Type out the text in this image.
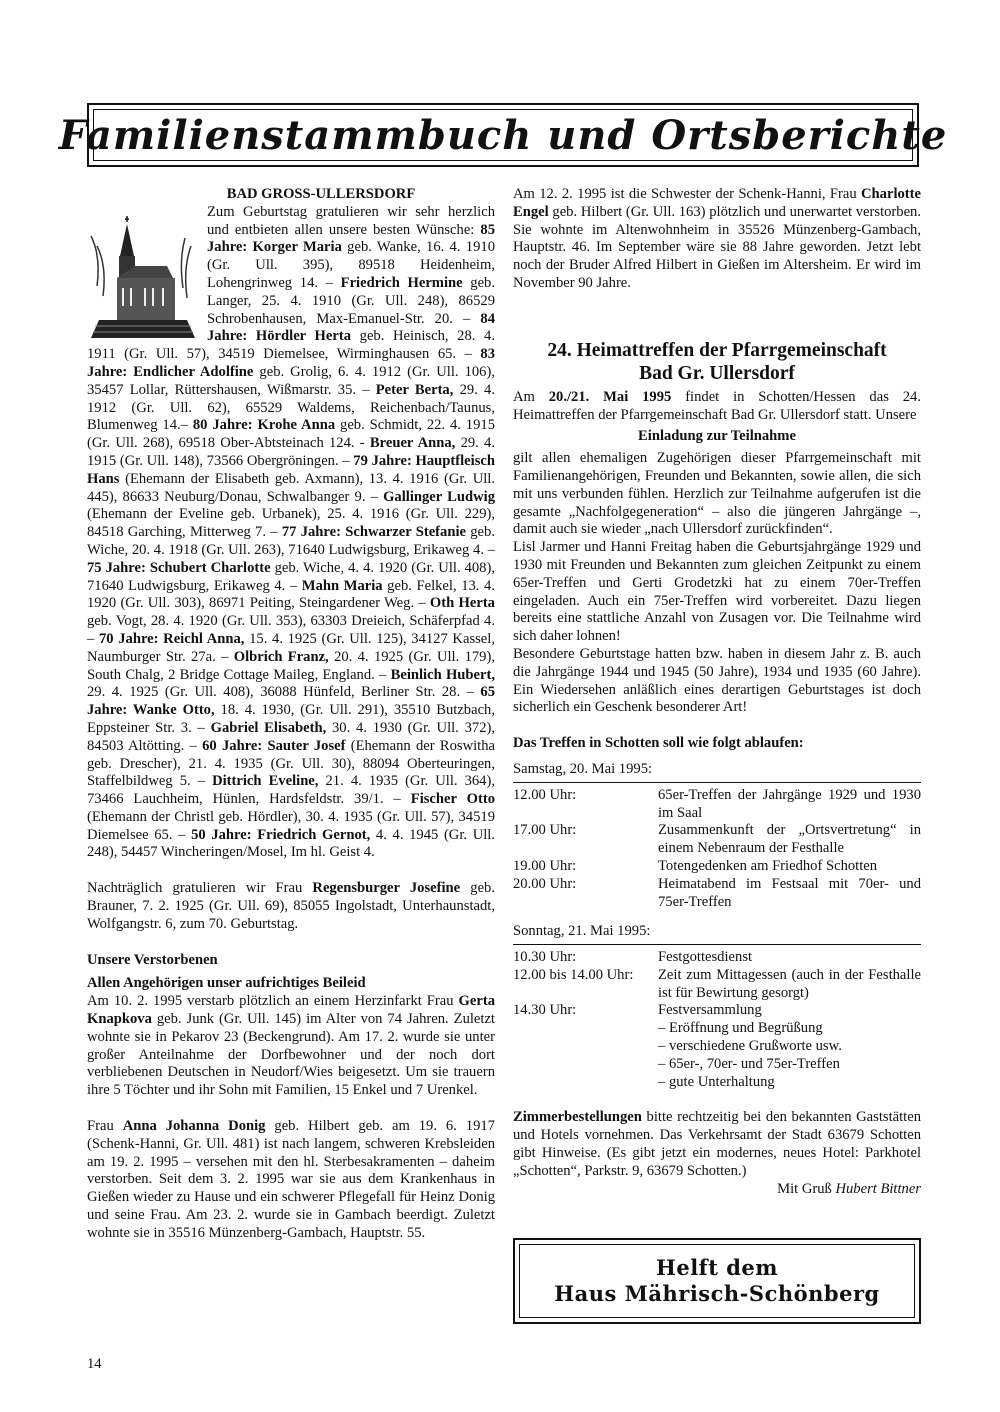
Familienstammbuch und Ortsberichte
BAD GROSS-ULLERSDORF

Zum Geburtstag gratulieren wir sehr herzlich und entbieten allen unsere besten Wünsche: 85 Jahre: Korger Maria geb. Wanke, 16. 4. 1910 (Gr. Ull. 395), 89518 Heidenheim, Lohengrinweg 14. – Friedrich Hermine geb. Langer, 25. 4. 1910 (Gr. Ull. 248), 86529 Schrobenhausen, Max-Emanuel-Str. 20. – 84 Jahre: Hördler Herta geb. Heinisch, 28. 4. 1911 (Gr. Ull. 57), 34519 Diemelsee, Wirminghausen 65. – 83 Jahre: Endlicher Adolfine geb. Grolig, 6. 4. 1912 (Gr. Ull. 106), 35457 Lollar, Rüttershausen, Wißmarstr. 35. – Peter Berta, 29. 4. 1912 (Gr. Ull. 62), 65529 Waldems, Reichenbach/Taunus, Blumenweg 14.– 80 Jahre: Krohe Anna geb. Schmidt, 22. 4. 1915 (Gr. Ull. 268), 69518 Ober-Abtsteinach 124. - Breuer Anna, 29. 4. 1915 (Gr. Ull. 148), 73566 Obergröningen. – 79 Jahre: Hauptfleisch Hans (Ehemann der Elisabeth geb. Axmann), 13. 4. 1916 (Gr. Ull. 445), 86633 Neuburg/Donau, Schwalbanger 9. – Gallinger Ludwig (Ehemann der Eveline geb. Urbanek), 25. 4. 1916 (Gr. Ull. 229), 84518 Garching, Mitterweg 7. – 77 Jahre: Schwarzer Stefanie geb. Wiche, 20. 4. 1918 (Gr. Ull. 263), 71640 Ludwigsburg, Erikaweg 4. – 75 Jahre: Schubert Charlotte geb. Wiche, 4. 4. 1920 (Gr. Ull. 408), 71640 Ludwigsburg, Erikaweg 4. – Mahn Maria geb. Felkel, 13. 4. 1920 (Gr. Ull. 303), 86971 Peiting, Steingardener Weg. – Oth Herta geb. Vogt, 28. 4. 1920 (Gr. Ull. 353), 63303 Dreieich, Schäferpfad 4. – 70 Jahre: Reichl Anna, 15. 4. 1925 (Gr. Ull. 125), 34127 Kassel, Naumburger Str. 27a. – Olbrich Franz, 20. 4. 1925 (Gr. Ull. 179), South Chalg, 2 Bridge Cottage Maileg, England. – Beinlich Hubert, 29. 4. 1925 (Gr. Ull. 408), 36088 Hünfeld, Berliner Str. 28. – 65 Jahre: Wanke Otto, 18. 4. 1930, (Gr. Ull. 291), 35510 Butzbach, Eppsteiner Str. 3. – Gabriel Elisabeth, 30. 4. 1930 (Gr. Ull. 372), 84503 Altötting. – 60 Jahre: Sauter Josef (Ehemann der Roswitha geb. Drescher), 21. 4. 1935 (Gr. Ull. 30), 88094 Oberteuringen, Staffelbildweg 5. – Dittrich Eveline, 21. 4. 1935 (Gr. Ull. 364), 73466 Lauchheim, Hünlen, Hardsfeldstr. 39/1. – Fischer Otto (Ehemann der Christl geb. Hördler), 30. 4. 1935 (Gr. Ull. 57), 34519 Diemelsee 65. – 50 Jahre: Friedrich Gernot, 4. 4. 1945 (Gr. Ull. 248), 54457 Wincheringen/Mosel, Im hl. Geist 4.

Nachträglich gratulieren wir Frau Regensburger Josefine geb. Brauner, 7. 2. 1925 (Gr. Ull. 69), 85055 Ingolstadt, Unterhaunstadt, Wolfgangstr. 6, zum 70. Geburtstag.

Unsere Verstorbenen

Allen Angehörigen unser aufrichtiges Beileid

Am 10. 2. 1995 verstarb plötzlich an einem Herzinfarkt Frau Gerta Knapkova geb. Junk (Gr. Ull. 145) im Alter von 74 Jahren. Zuletzt wohnte sie in Pekarov 23 (Beckengrund). Am 17. 2. wurde sie unter großer Anteilnahme der Dorfbewohner und der noch dort verbliebenen Deutschen in Neudorf/Wies beigesetzt. Um sie trauern ihre 5 Töchter und ihr Sohn mit Familien, 15 Enkel und 7 Urenkel.

Frau Anna Johanna Donig geb. Hilbert geb. am 19. 6. 1917 (Schenk-Hanni, Gr. Ull. 481) ist nach langem, schweren Krebsleiden am 19. 2. 1995 – versehen mit den hl. Sterbesakramenten – daheim verstorben. Seit dem 3. 2. 1995 war sie aus dem Krankenhaus in Gießen wieder zu Hause und ein schwerer Pflegefall für Heinz Donig und seine Frau. Am 23. 2. wurde sie in Gambach beerdigt. Zuletzt wohnte sie in 35516 Münzenberg-Gambach, Hauptstr. 55.

Am 12. 2. 1995 ist die Schwester der Schenk-Hanni, Frau Charlotte Engel geb. Hilbert (Gr. Ull. 163) plötzlich und unerwartet verstorben. Sie wohnte im Altenwohnheim in 35526 Münzenberg-Gambach, Hauptstr. 46. Im September wäre sie 88 Jahre geworden. Jetzt lebt noch der Bruder Alfred Hilbert in Gießen im Altersheim. Er wird im November 90 Jahre.

24. Heimattreffen der Pfarrgemeinschaft
Bad Gr. Ullersdorf

Am 20./21. Mai 1995 findet in Schotten/Hessen das 24. Heimattreffen der Pfarrgemeinschaft Bad Gr. Ullersdorf statt. Unsere

Einladung zur Teilnahme

gilt allen ehemaligen Zugehörigen dieser Pfarrgemeinschaft mit Familienangehörigen, Freunden und Bekannten, sowie allen, die sich mit uns verbunden fühlen. Herzlich zur Teilnahme aufgerufen ist die gesamte „Nachfolgegeneration“ – also die jüngeren Jahrgänge –, damit auch sie wieder „nach Ullersdorf zurückfinden“.

Lisl Jarmer und Hanni Freitag haben die Geburtsjahrgänge 1929 und 1930 mit Freunden und Bekannten zum gleichen Zeitpunkt zu einem 65er-Treffen und Gerti Grodetzki hat zu einem 70er-Treffen eingeladen. Auch ein 75er-Treffen wird vorbereitet. Dazu liegen bereits eine stattliche Anzahl von Zusagen vor. Die Teilnahme wird sich daher lohnen!

Besondere Geburtstage hatten bzw. haben in diesem Jahr z. B. auch die Jahrgänge 1944 und 1945 (50 Jahre), 1934 und 1935 (60 Jahre). Ein Wiedersehen anläßlich eines derartigen Geburtstages ist doch sicherlich ein Geschenk besonderer Art!

Das Treffen in Schotten soll wie folgt ablaufen:

Samstag, 20. Mai 1995:

12.00 Uhr:	65er-Treffen der Jahrgänge 1929 und 1930 im Saal
17.00 Uhr:	Zusammenkunft der „Ortsvertretung“ in einem Nebenraum der Festhalle
19.00 Uhr:	Totengedenken am Friedhof Schotten
20.00 Uhr:	Heimatabend im Festsaal mit 70er- und 75er-Treffen

Sonntag, 21. Mai 1995:

10.30 Uhr:	Festgottesdienst
12.00 bis 14.00 Uhr:	Zeit zum Mittagessen (auch in der Festhalle ist für Bewirtung gesorgt)
14.30 Uhr:	Festversammlung
– Eröffnung und Begrüßung
– verschiedene Grußworte usw.
– 65er-, 70er- und 75er-Treffen
– gute Unterhaltung

Zimmerbestellungen bitte rechtzeitig bei den bekannten Gaststätten und Hotels vornehmen. Das Verkehrsamt der Stadt 63679 Schotten gibt Hinweise. (Es gibt jetzt ein modernes, neues Hotel: Parkhotel „Schotten“, Parkstr. 9, 63679 Schotten.)

Mit Gruß Hubert Bittner

Helft dem
Haus Mährisch-Schönberg
14
